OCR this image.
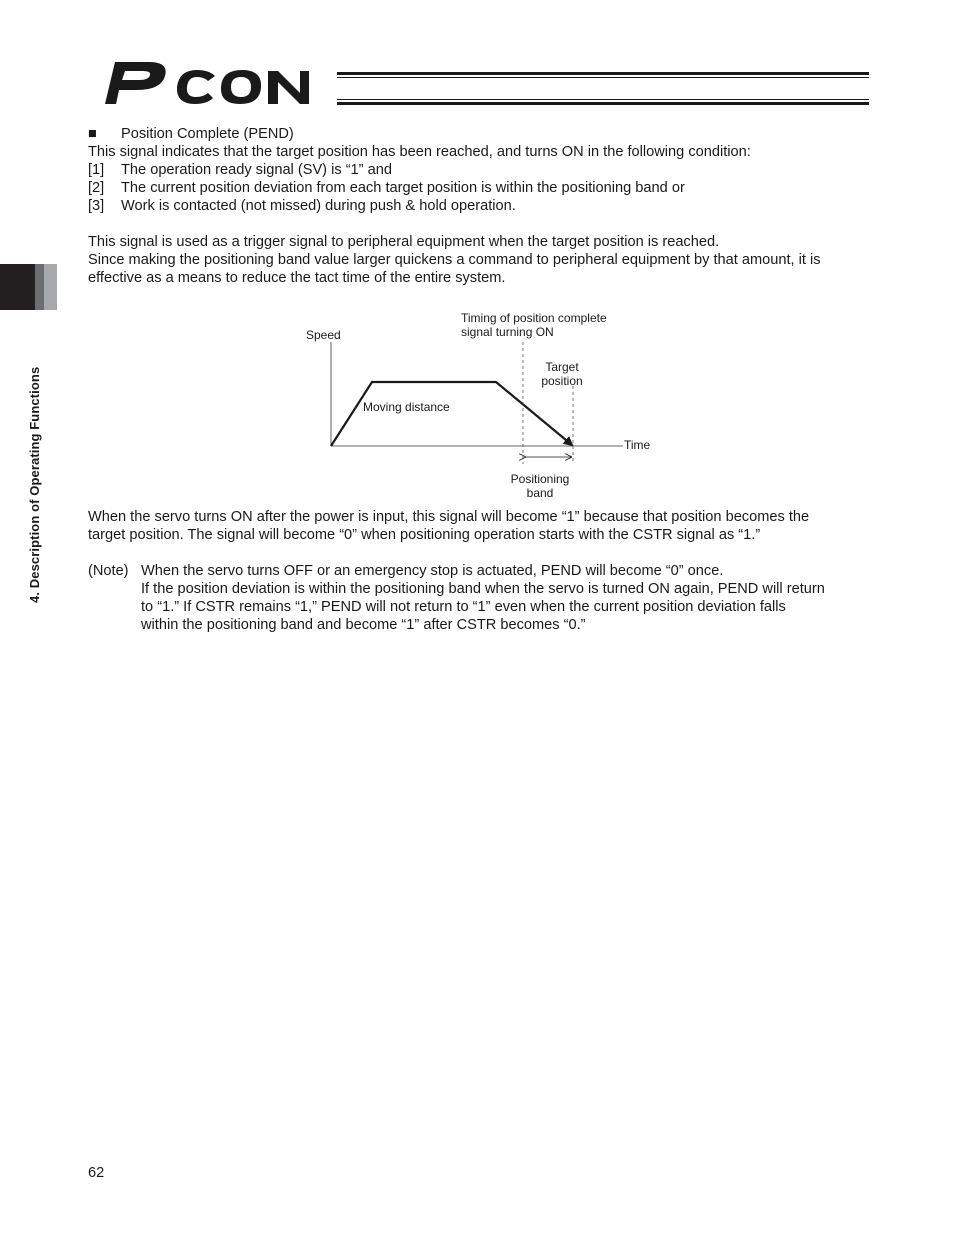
4. Description of Operating Functions
■ Position Complete (PEND)
This signal indicates that the target position has been reached, and turns ON in the following condition:
[1] The operation ready signal (SV) is “1” and
[2] The current position deviation from each target position is within the positioning band or
[3] Work is contacted (not missed) during push & hold operation.
This signal is used as a trigger signal to peripheral equipment when the target position is reached.
Since making the positioning band value larger quickens a command to peripheral equipment by that amount, it is
effective as a means to reduce the tact time of the entire system.
Speed
Time
Moving distance
Timing of position complete
signal turning ON
Target
position
Positioning
band
When the servo turns ON after the power is input, this signal will become “1” because that position becomes the
target position. The signal will become “0” when positioning operation starts with the CSTR signal as “1.”
(Note) When the servo turns OFF or an emergency stop is actuated, PEND will become “0” once.
If the position deviation is within the positioning band when the servo is turned ON again, PEND will return
to “1.” If CSTR remains “1,” PEND will not return to “1” even when the current position deviation falls
within the positioning band and become “1” after CSTR becomes “0.”
62
